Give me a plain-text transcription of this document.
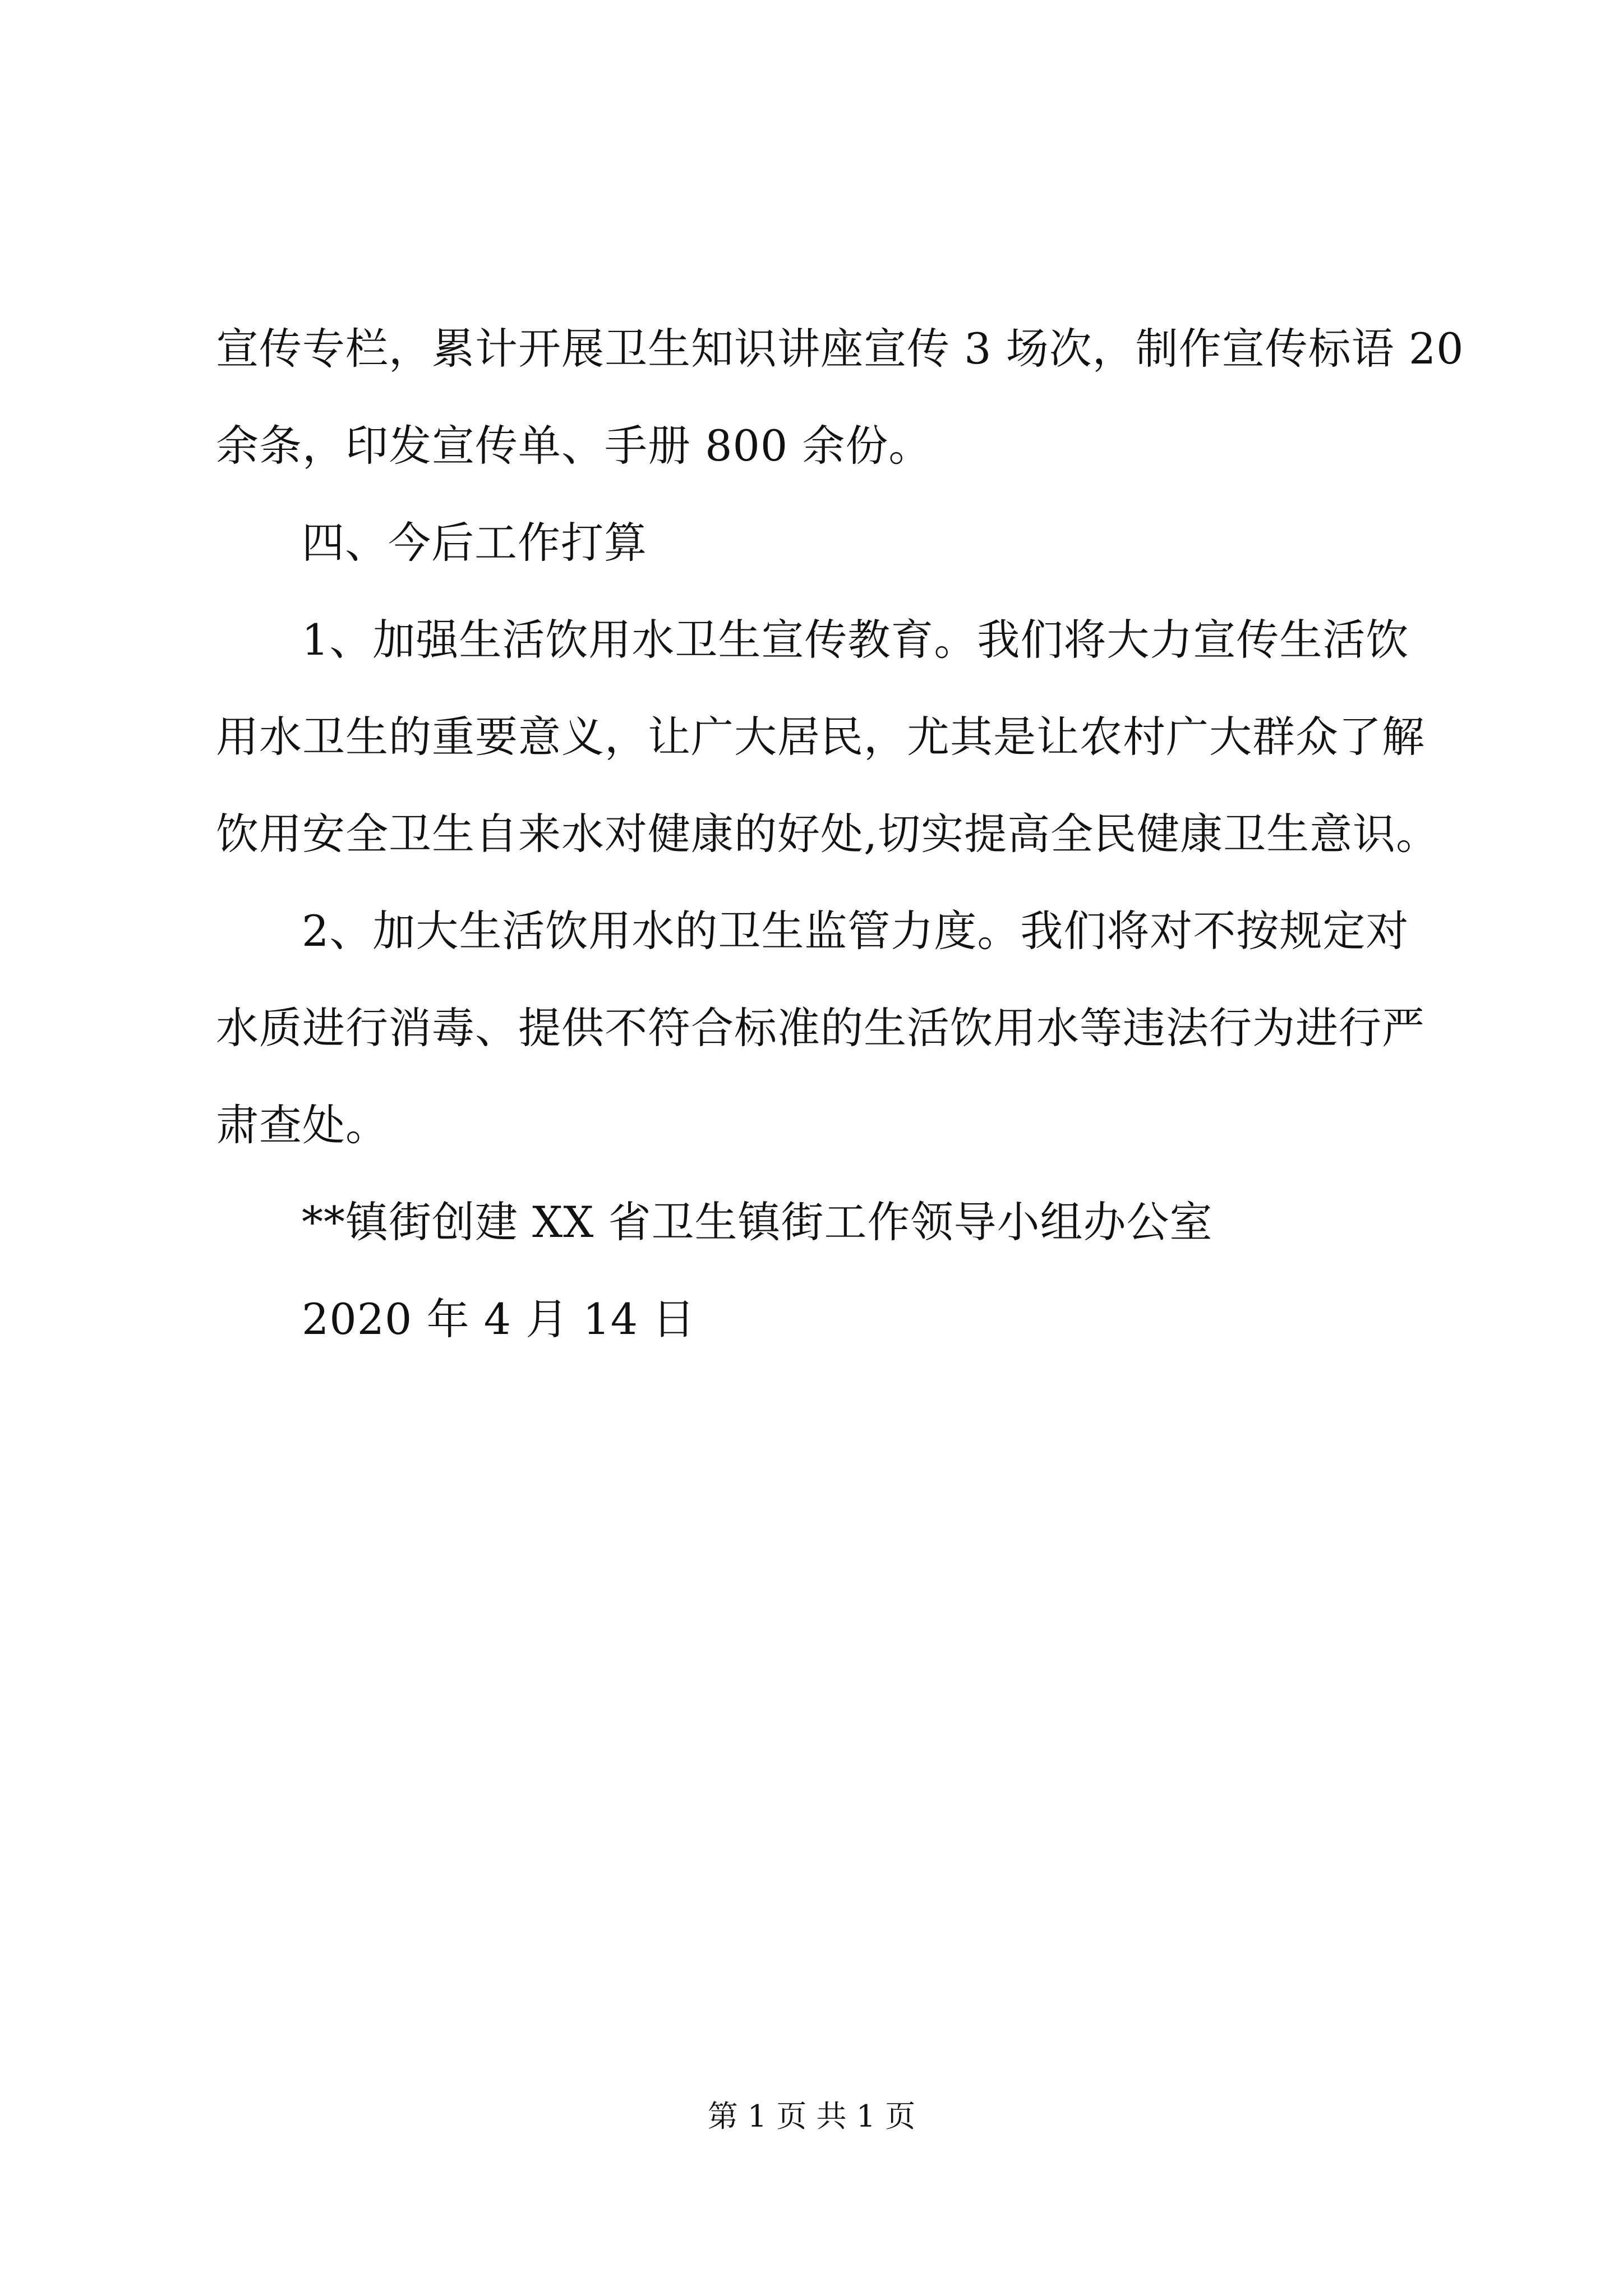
宣传专栏，累计开展卫生知识讲座宣传 3 场次，制作宣传标语 20
余条，印发宣传单、手册 800 余份。
四、今后工作打算
1、加强生活饮用水卫生宣传教育。我们将大力宣传生活饮
用水卫生的重要意义，让广大居民，尤其是让农村广大群众了解
饮用安全卫生自来水对健康的好处,切实提高全民健康卫生意识。
2、加大生活饮用水的卫生监管力度。我们将对不按规定对
水质进行消毒、提供不符合标准的生活饮用水等违法行为进行严
肃查处。
**镇街创建 XX 省卫生镇街工作领导小组办公室
2020 年 4 月 14 日
第 1 页 共 1 页
